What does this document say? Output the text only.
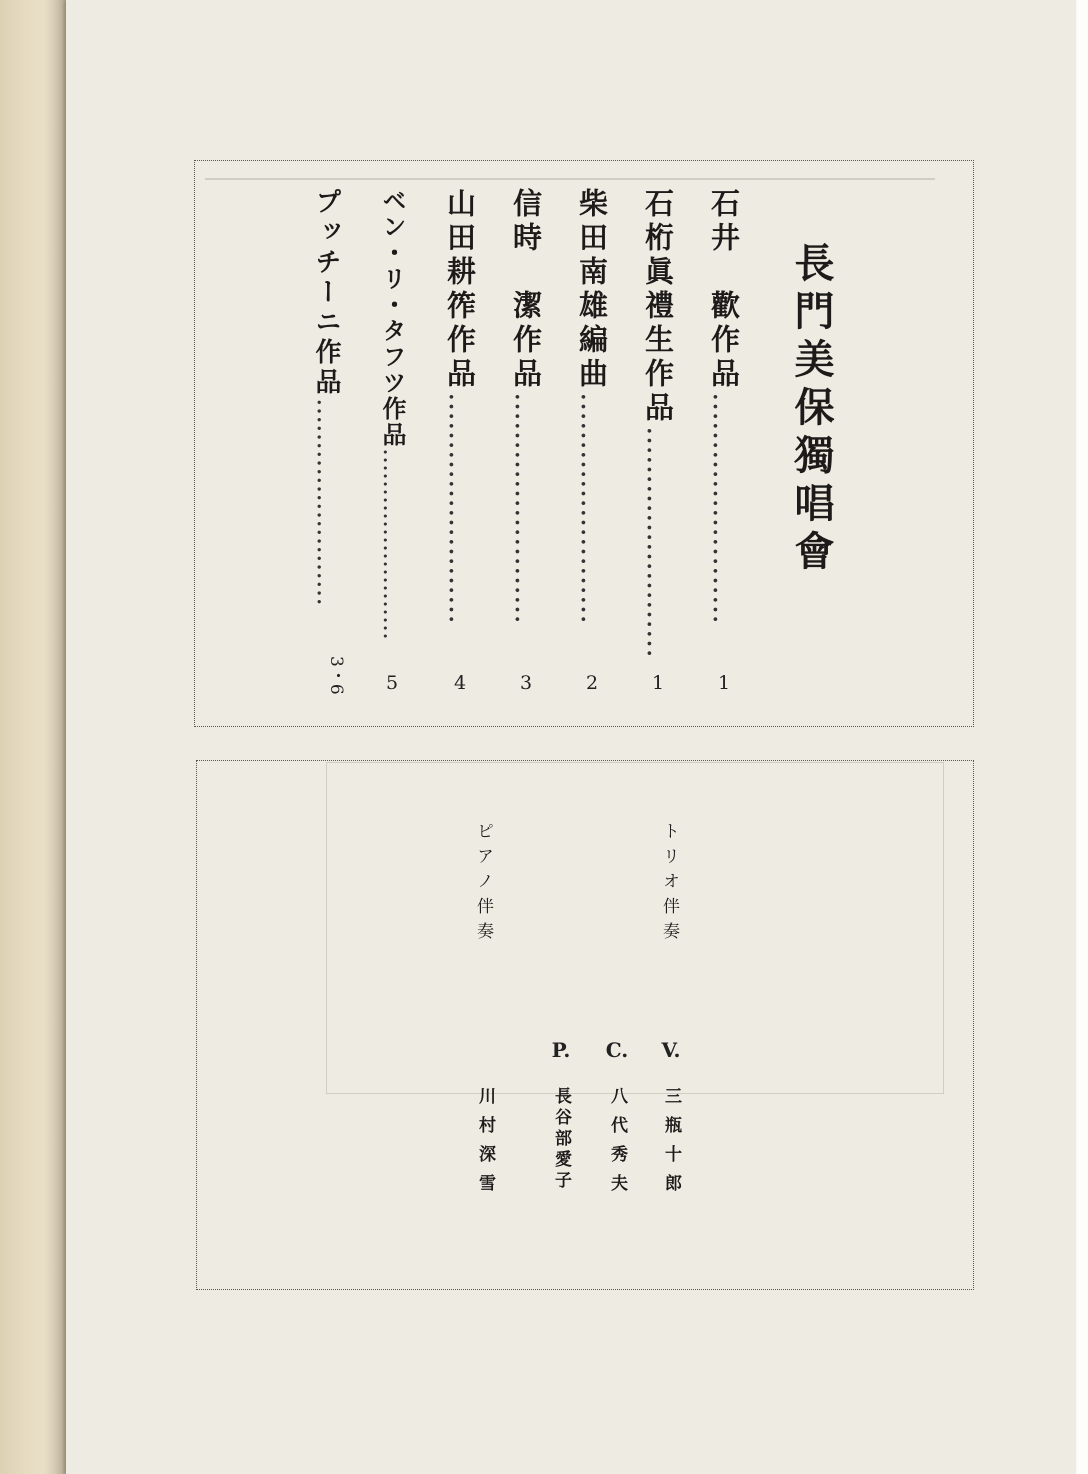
長門美保獨唱會
石井　歡作品……………………
1
石桁眞禮生作品……………………
1
柴田南雄編曲……………………
2
信時　潔作品……………………
3
山田耕筰作品……………………
4
ベン・リ・タフツ作品……………………
5
プッチーニ作品……………………
3・6
トリオ伴奏
ピアノ伴奏
V.
C.
P.
三瓶十郎
八代秀夫
長谷部愛子
川村深雪
